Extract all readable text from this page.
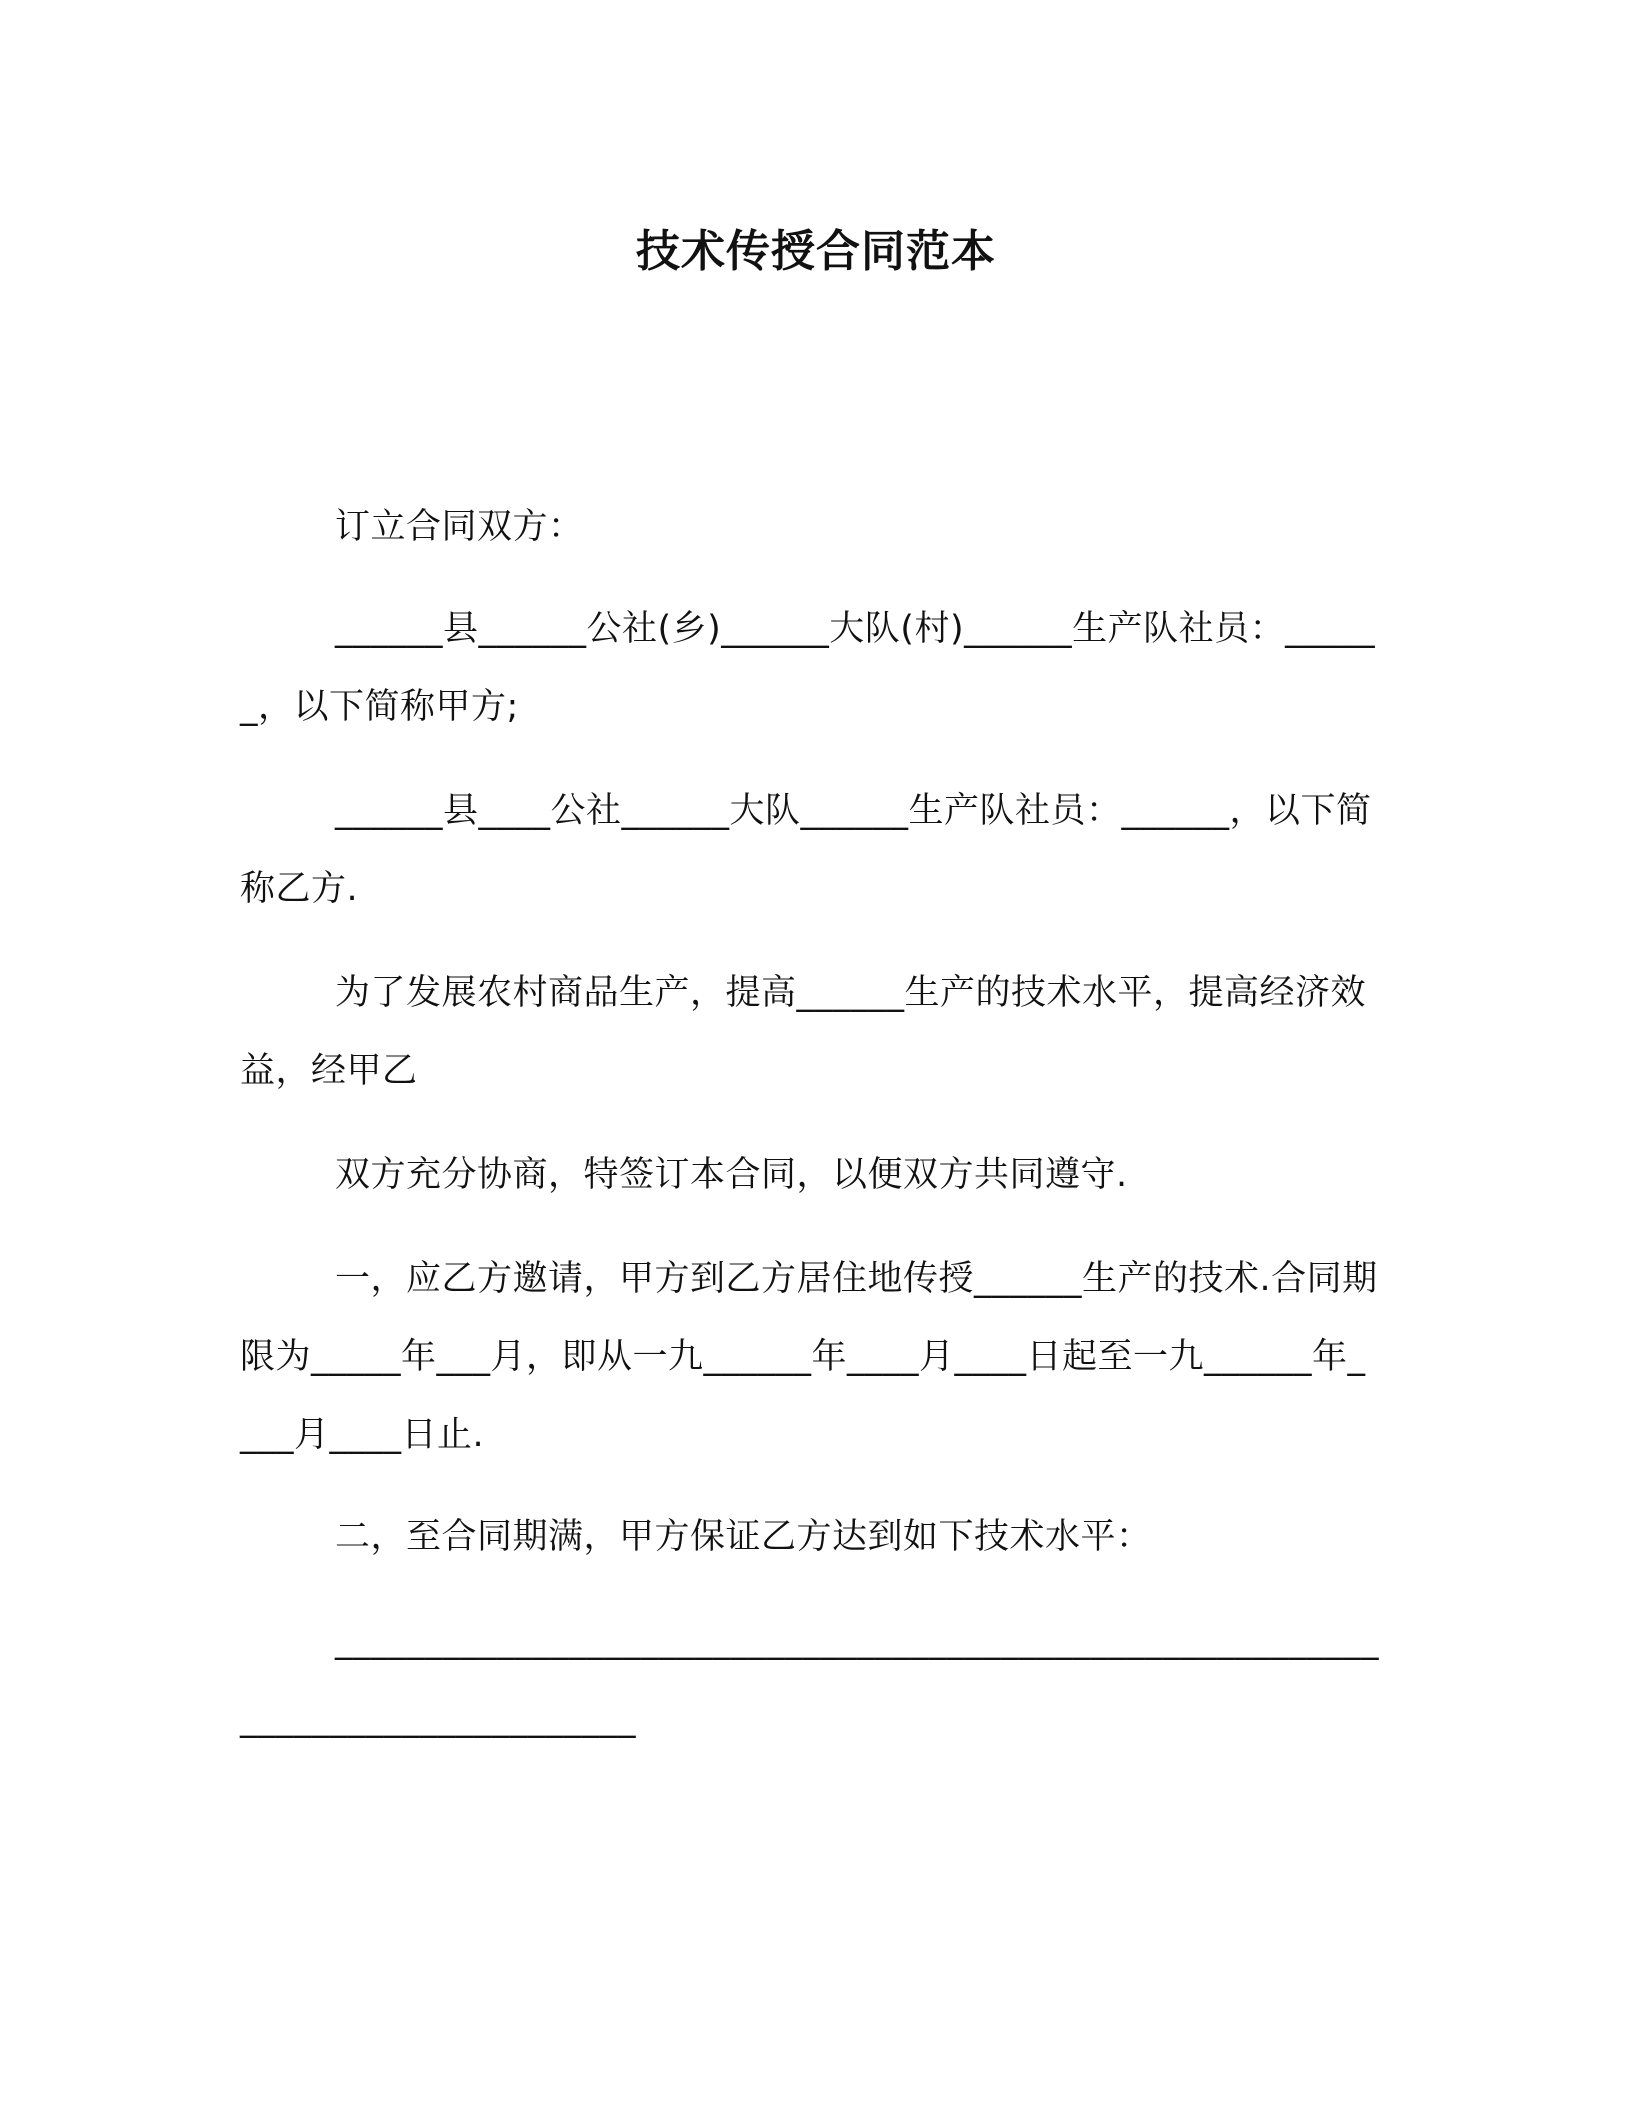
技术传授合同范本

订立合同双方：

______县______公社(乡)______大队(村)______生产队社员：______，以下简称甲方;

______县____公社______大队______生产队社员：______，以下简称乙方.

为了发展农村商品生产，提高______生产的技术水平，提高经济效益，经甲乙

双方充分协商，特签订本合同，以便双方共同遵守.

一，应乙方邀请，甲方到乙方居住地传授______生产的技术.合同期限为_____年___月，即从一九______年____月____日起至一九______年____月____日止.

二，至合同期满，甲方保证乙方达到如下技术水平：

________________________________________________________________________________
